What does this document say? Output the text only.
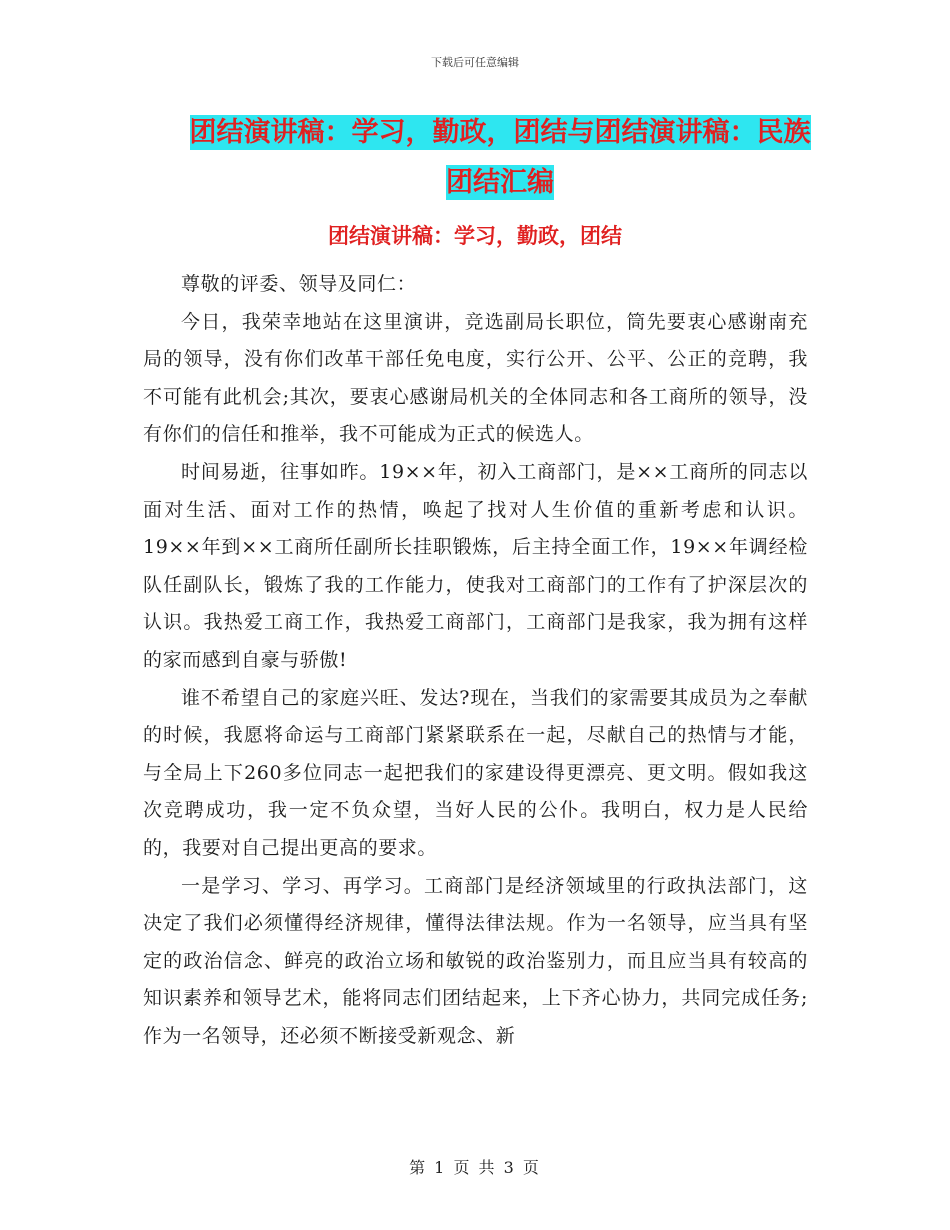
下载后可任意编辑
团结演讲稿：学习，勤政，团结与团结演讲稿：民族
团结汇编
团结演讲稿：学习，勤政，团结

尊敬的评委、领导及同仁：

今日，我荣幸地站在这里演讲，竞选副局长职位，筒先要衷心感谢南充局的领导，没有你们改革干部任免电度，实行公开、公平、公正的竞聘，我不可能有此机会;其次，要衷心感谢局机关的全体同志和各工商所的领导，没有你们的信任和推举，我不可能成为正式的候选人。

时间易逝，往事如昨。19××年，初入工商部门，是××工商所的同志以面对生活、面对工作的热情，唤起了找对人生价值的重新考虑和认识。19××年到××工商所任副所长挂职锻炼，后主持全面工作，19××年调经检队任副队长，锻炼了我的工作能力，使我对工商部门的工作有了护深层次的认识。我热爱工商工作，我热爱工商部门，工商部门是我家，我为拥有这样的家而感到自豪与骄傲!

谁不希望自己的家庭兴旺、发达?现在，当我们的家需要其成员为之奉献的时候，我愿将命运与工商部门紧紧联系在一起，尽献自己的热情与才能，与全局上下260多位同志一起把我们的家建设得更漂亮、更文明。假如我这次竞聘成功，我一定不负众望，当好人民的公仆。我明白，权力是人民给的，我要对自己提出更高的要求。

一是学习、学习、再学习。工商部门是经济领域里的行政执法部门，这决定了我们必须懂得经济规律，懂得法律法规。作为一名领导，应当具有坚定的政治信念、鲜亮的政治立场和敏锐的政治鉴别力，而且应当具有较高的知识素养和领导艺术，能将同志们团结起来，上下齐心协力，共同完成任务;作为一名领导，还必须不断接受新观念、新

第 1 页 共 3 页
